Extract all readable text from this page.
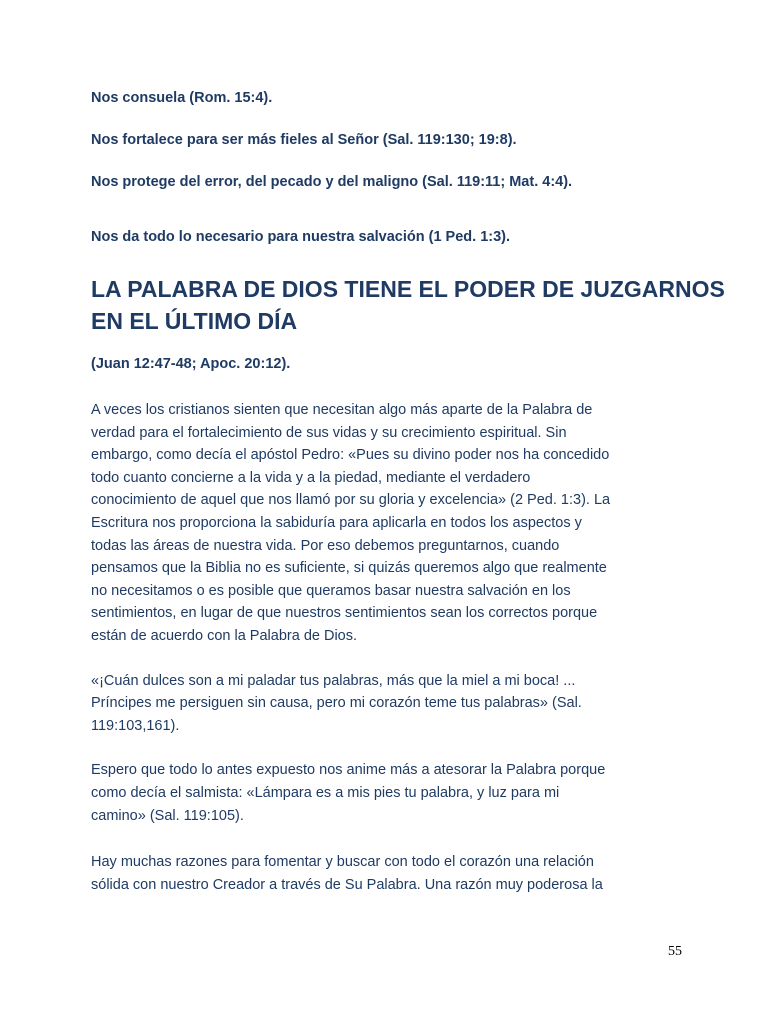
Nos consuela (Rom. 15:4).

Nos fortalece para ser más fieles al Señor (Sal. 119:130; 19:8).

Nos protege del error, del pecado y del maligno (Sal. 119:11; Mat. 4:4).

Nos da todo lo necesario para nuestra salvación (1 Ped. 1:3).

LA PALABRA DE DIOS TIENE EL PODER DE JUZGARNOS
EN EL ÚLTIMO DÍA

(Juan 12:47-48; Apoc. 20:12).

A veces los cristianos sienten que necesitan algo más aparte de la Palabra de
verdad para el fortalecimiento de sus vidas y su crecimiento espiritual. Sin
embargo, como decía el apóstol Pedro: «Pues su divino poder nos ha concedido
todo cuanto concierne a la vida y a la piedad, mediante el verdadero
conocimiento de aquel que nos llamó por su gloria y excelencia» (2 Ped. 1:3). La
Escritura nos proporciona la sabiduría para aplicarla en todos los aspectos y
todas las áreas de nuestra vida. Por eso debemos preguntarnos, cuando
pensamos que la Biblia no es suficiente, si quizás queremos algo que realmente
no necesitamos o es posible que queramos basar nuestra salvación en los
sentimientos, en lugar de que nuestros sentimientos sean los correctos porque
están de acuerdo con la Palabra de Dios.

«¡Cuán dulces son a mi paladar tus palabras, más que la miel a mi boca! ...
Príncipes me persiguen sin causa, pero mi corazón teme tus palabras» (Sal.
119:103,161).

Espero que todo lo antes expuesto nos anime más a atesorar la Palabra porque
como decía el salmista: «Lámpara es a mis pies tu palabra, y luz para mi
camino» (Sal. 119:105).

Hay muchas razones para fomentar y buscar con todo el corazón una relación
sólida con nuestro Creador a través de Su Palabra. Una razón muy poderosa la

55
